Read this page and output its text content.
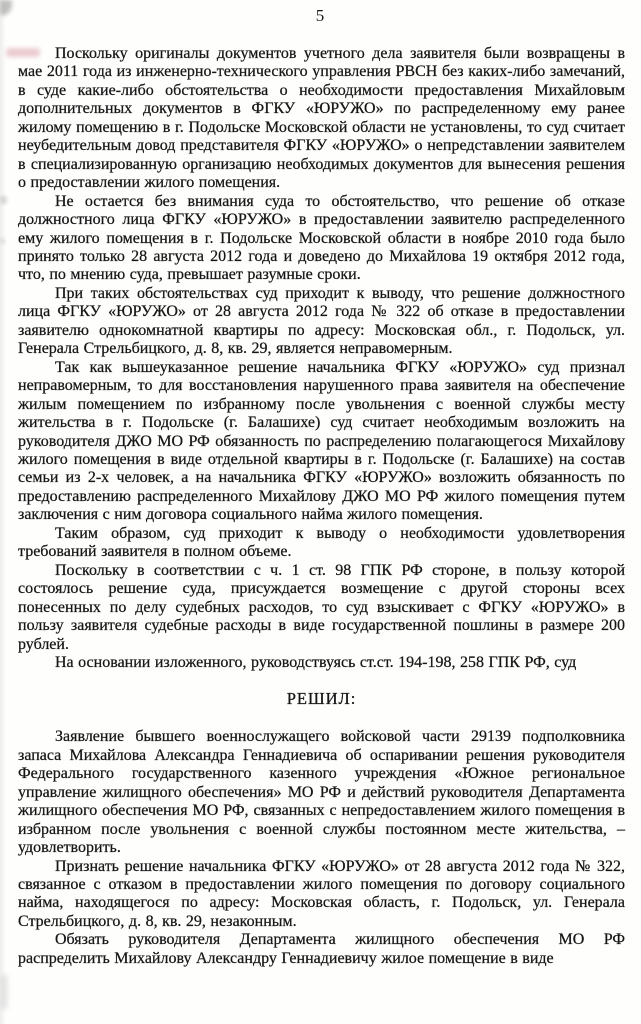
5

Поскольку оригиналы документов учетного дела заявителя были возвращены в мае 2011 года из инженерно-технического управления РВСН без каких-либо замечаний, в суде какие-либо обстоятельства о необходимости предоставления Михайловым дополнительных документов в ФГКУ «ЮРУЖО» по распределенному ему ранее жилому помещению в г. Подольске Московской области не установлены, то суд считает неубедительным довод представителя ФГКУ «ЮРУЖО» о непредставлении заявителем в специализированную организацию необходимых документов для вынесения решения о предоставлении жилого помещения.

Не остается без внимания суда то обстоятельство, что решение об отказе должностного лица ФГКУ «ЮРУЖО» в предоставлении заявителю распределенного ему жилого помещения в г. Подольске Московской области в ноябре 2010 года было принято только 28 августа 2012 года и доведено до Михайлова 19 октября 2012 года, что, по мнению суда, превышает разумные сроки.

При таких обстоятельствах суд приходит к выводу, что решение должностного лица ФГКУ «ЮРУЖО» от 28 августа 2012 года № 322 об отказе в предоставлении заявителю однокомнатной квартиры по адресу: Московская обл., г. Подольск, ул. Генерала Стрельбицкого, д. 8, кв. 29, является неправомерным.

Так как вышеуказанное решение начальника ФГКУ «ЮРУЖО» суд признал неправомерным, то для восстановления нарушенного права заявителя на обеспечение жилым помещением по избранному после увольнения с военной службы месту жительства в г. Подольске (г. Балашихе) суд считает необходимым возложить на руководителя ДЖО МО РФ обязанность по распределению полагающегося Михайлову жилого помещения в виде отдельной квартиры в г. Подольске (г. Балашихе) на состав семьи из 2-х человек, а на начальника ФГКУ «ЮРУЖО» возложить обязанность по предоставлению распределенного Михайлову ДЖО МО РФ жилого помещения путем заключения с ним договора социального найма жилого помещения.

Таким образом, суд приходит к выводу о необходимости удовлетворения требований заявителя в полном объеме.

Поскольку в соответствии с ч. 1 ст. 98 ГПК РФ стороне, в пользу которой состоялось решение суда, присуждается возмещение с другой стороны всех понесенных по делу судебных расходов, то суд взыскивает с ФГКУ «ЮРУЖО» в пользу заявителя судебные расходы в виде государственной пошлины в размере 200 рублей.

На основании изложенного, руководствуясь ст.ст. 194-198, 258 ГПК РФ, суд

РЕШИЛ:

Заявление бывшего военнослужащего войсковой части 29139 подполковника запаса Михайлова Александра Геннадиевича об оспаривании решения руководителя Федерального государственного казенного учреждения «Южное региональное управление жилищного обеспечения» МО РФ и действий руководителя Департамента жилищного обеспечения МО РФ, связанных с непредоставлением жилого помещения в избранном после увольнения с военной службы постоянном месте жительства, – удовлетворить.

Признать решение начальника ФГКУ «ЮРУЖО» от 28 августа 2012 года № 322, связанное с отказом в предоставлении жилого помещения по договору социального найма, находящегося по адресу: Московская область, г. Подольск, ул. Генерала Стрельбицкого, д. 8, кв. 29, незаконным.

Обязать руководителя Департамента жилищного обеспечения МО РФ распределить Михайлову Александру Геннадиевичу жилое помещение в виде
